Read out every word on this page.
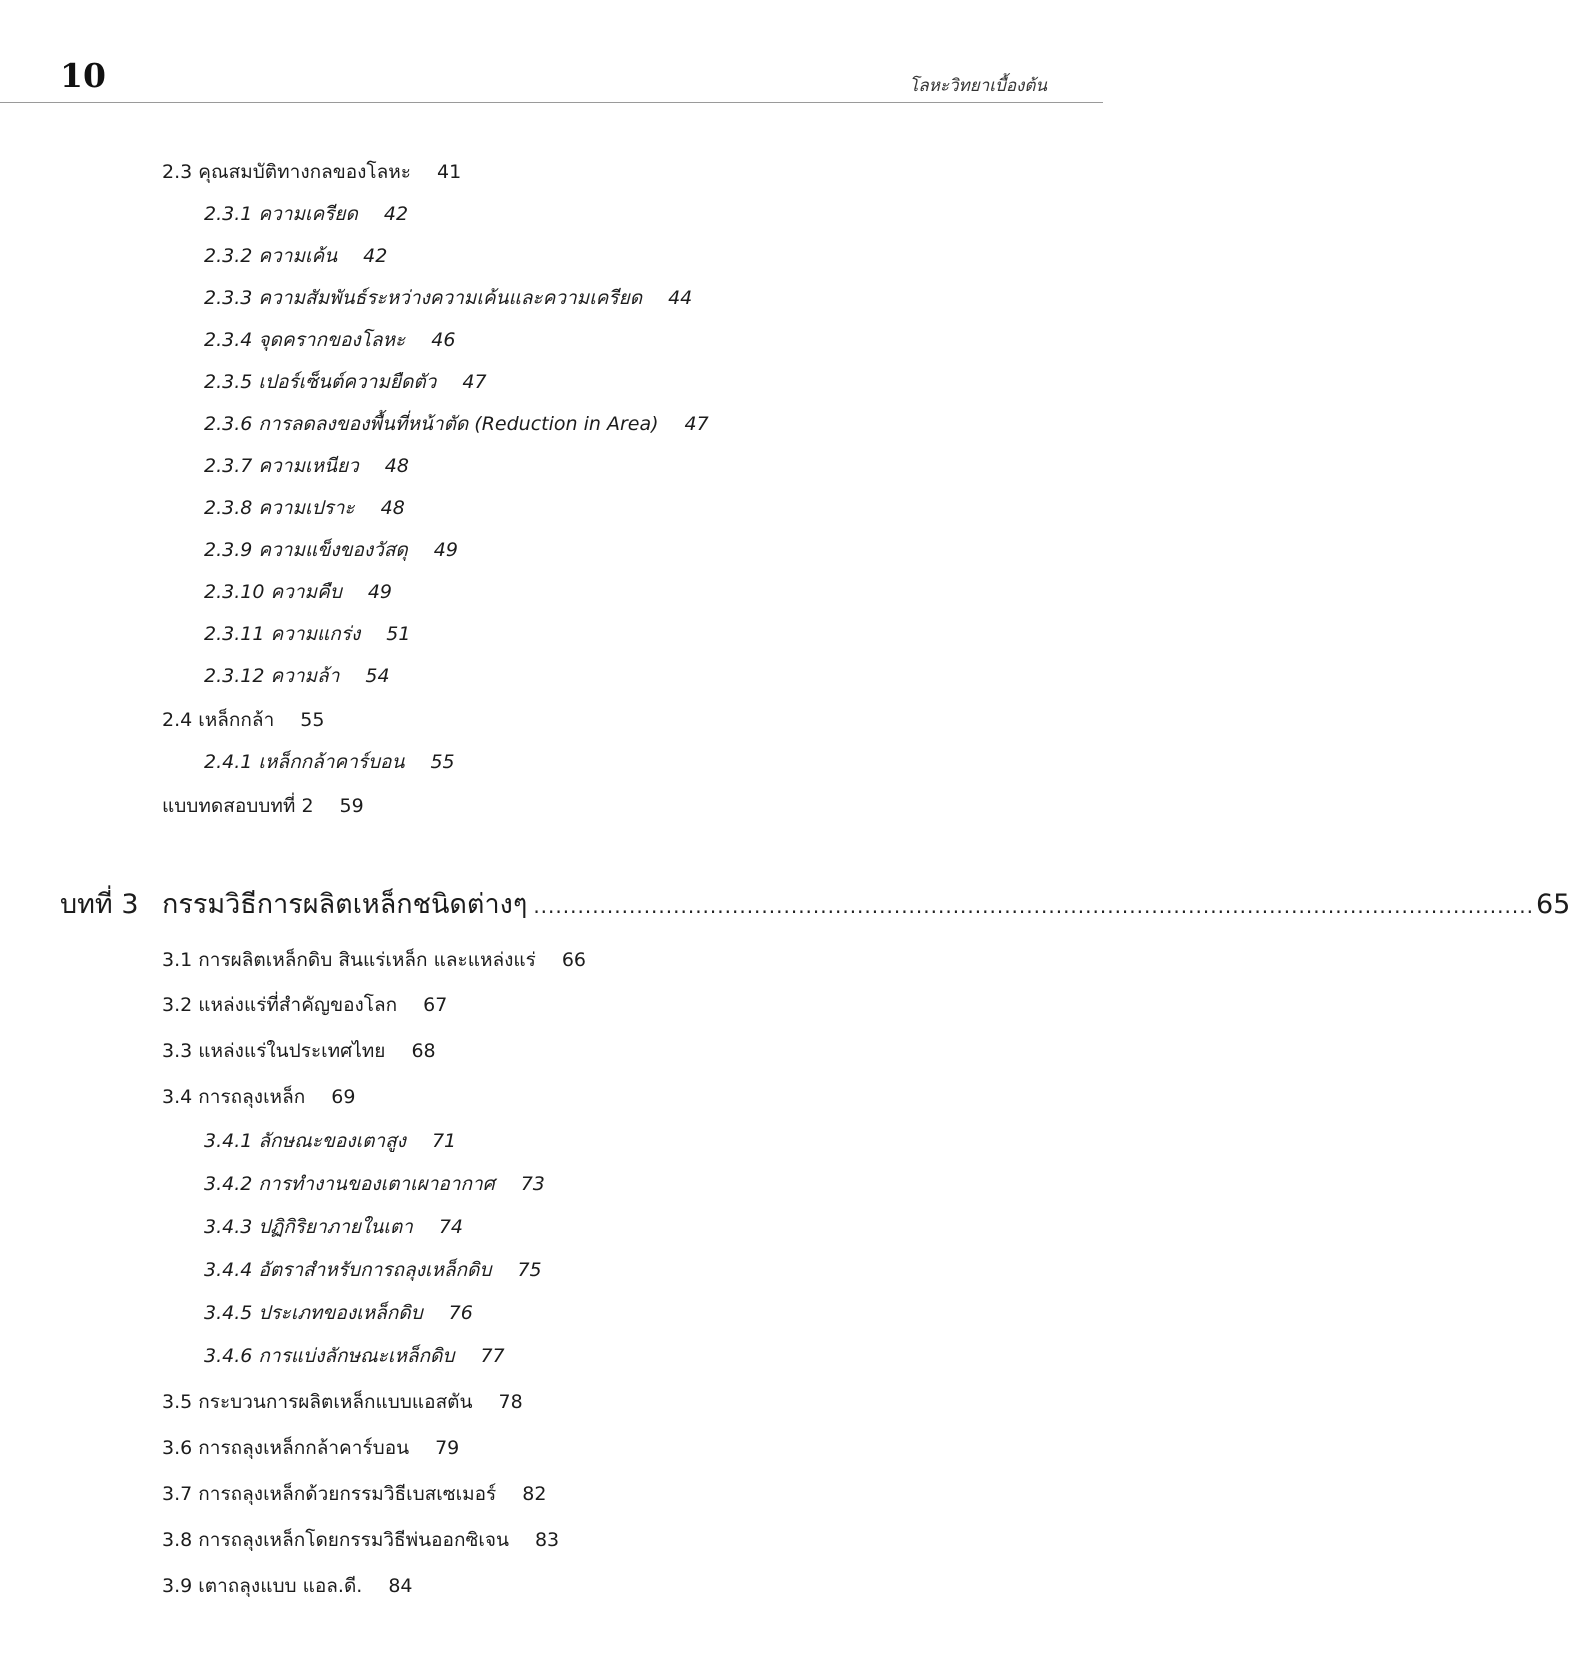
10	โลหะวิทยาเบื้องต้น
2.3 คุณสมบัติทางกลของโลหะ 41
2.3.1 ความเครียด 42
2.3.2 ความเค้น 42
2.3.3 ความสัมพันธ์ระหว่างความเค้นและความเครียด 44
2.3.4 จุดครากของโลหะ 46
2.3.5 เปอร์เซ็นต์ความยืดตัว 47
2.3.6 การลดลงของพื้นที่หน้าตัด (Reduction in Area) 47
2.3.7 ความเหนียว 48
2.3.8 ความเปราะ 48
2.3.9 ความแข็งของวัสดุ 49
2.3.10 ความคืบ 49
2.3.11 ความแกร่ง 51
2.3.12 ความล้า 54
2.4 เหล็กกล้า 55
2.4.1 เหล็กกล้าคาร์บอน 55
แบบทดสอบบทที่ 2 59
บทที่ 3 กรรมวิธีการผลิตเหล็กชนิดต่างๆ ........................................................................................................................................ 65
3.1 การผลิตเหล็กดิบ สินแร่เหล็ก และแหล่งแร่ 66
3.2 แหล่งแร่ที่สำคัญของโลก 67
3.3 แหล่งแร่ในประเทศไทย 68
3.4 การถลุงเหล็ก 69
3.4.1 ลักษณะของเตาสูง 71
3.4.2 การทำงานของเตาเผาอากาศ 73
3.4.3 ปฏิกิริยาภายในเตา 74
3.4.4 อัตราสำหรับการถลุงเหล็กดิบ 75
3.4.5 ประเภทของเหล็กดิบ 76
3.4.6 การแบ่งลักษณะเหล็กดิบ 77
3.5 กระบวนการผลิตเหล็กแบบแอสตัน 78
3.6 การถลุงเหล็กกล้าคาร์บอน 79
3.7 การถลุงเหล็กด้วยกรรมวิธีเบสเซเมอร์ 82
3.8 การถลุงเหล็กโดยกรรมวิธีพ่นออกซิเจน 83
3.9 เตาถลุงแบบ แอล.ดี. 84
